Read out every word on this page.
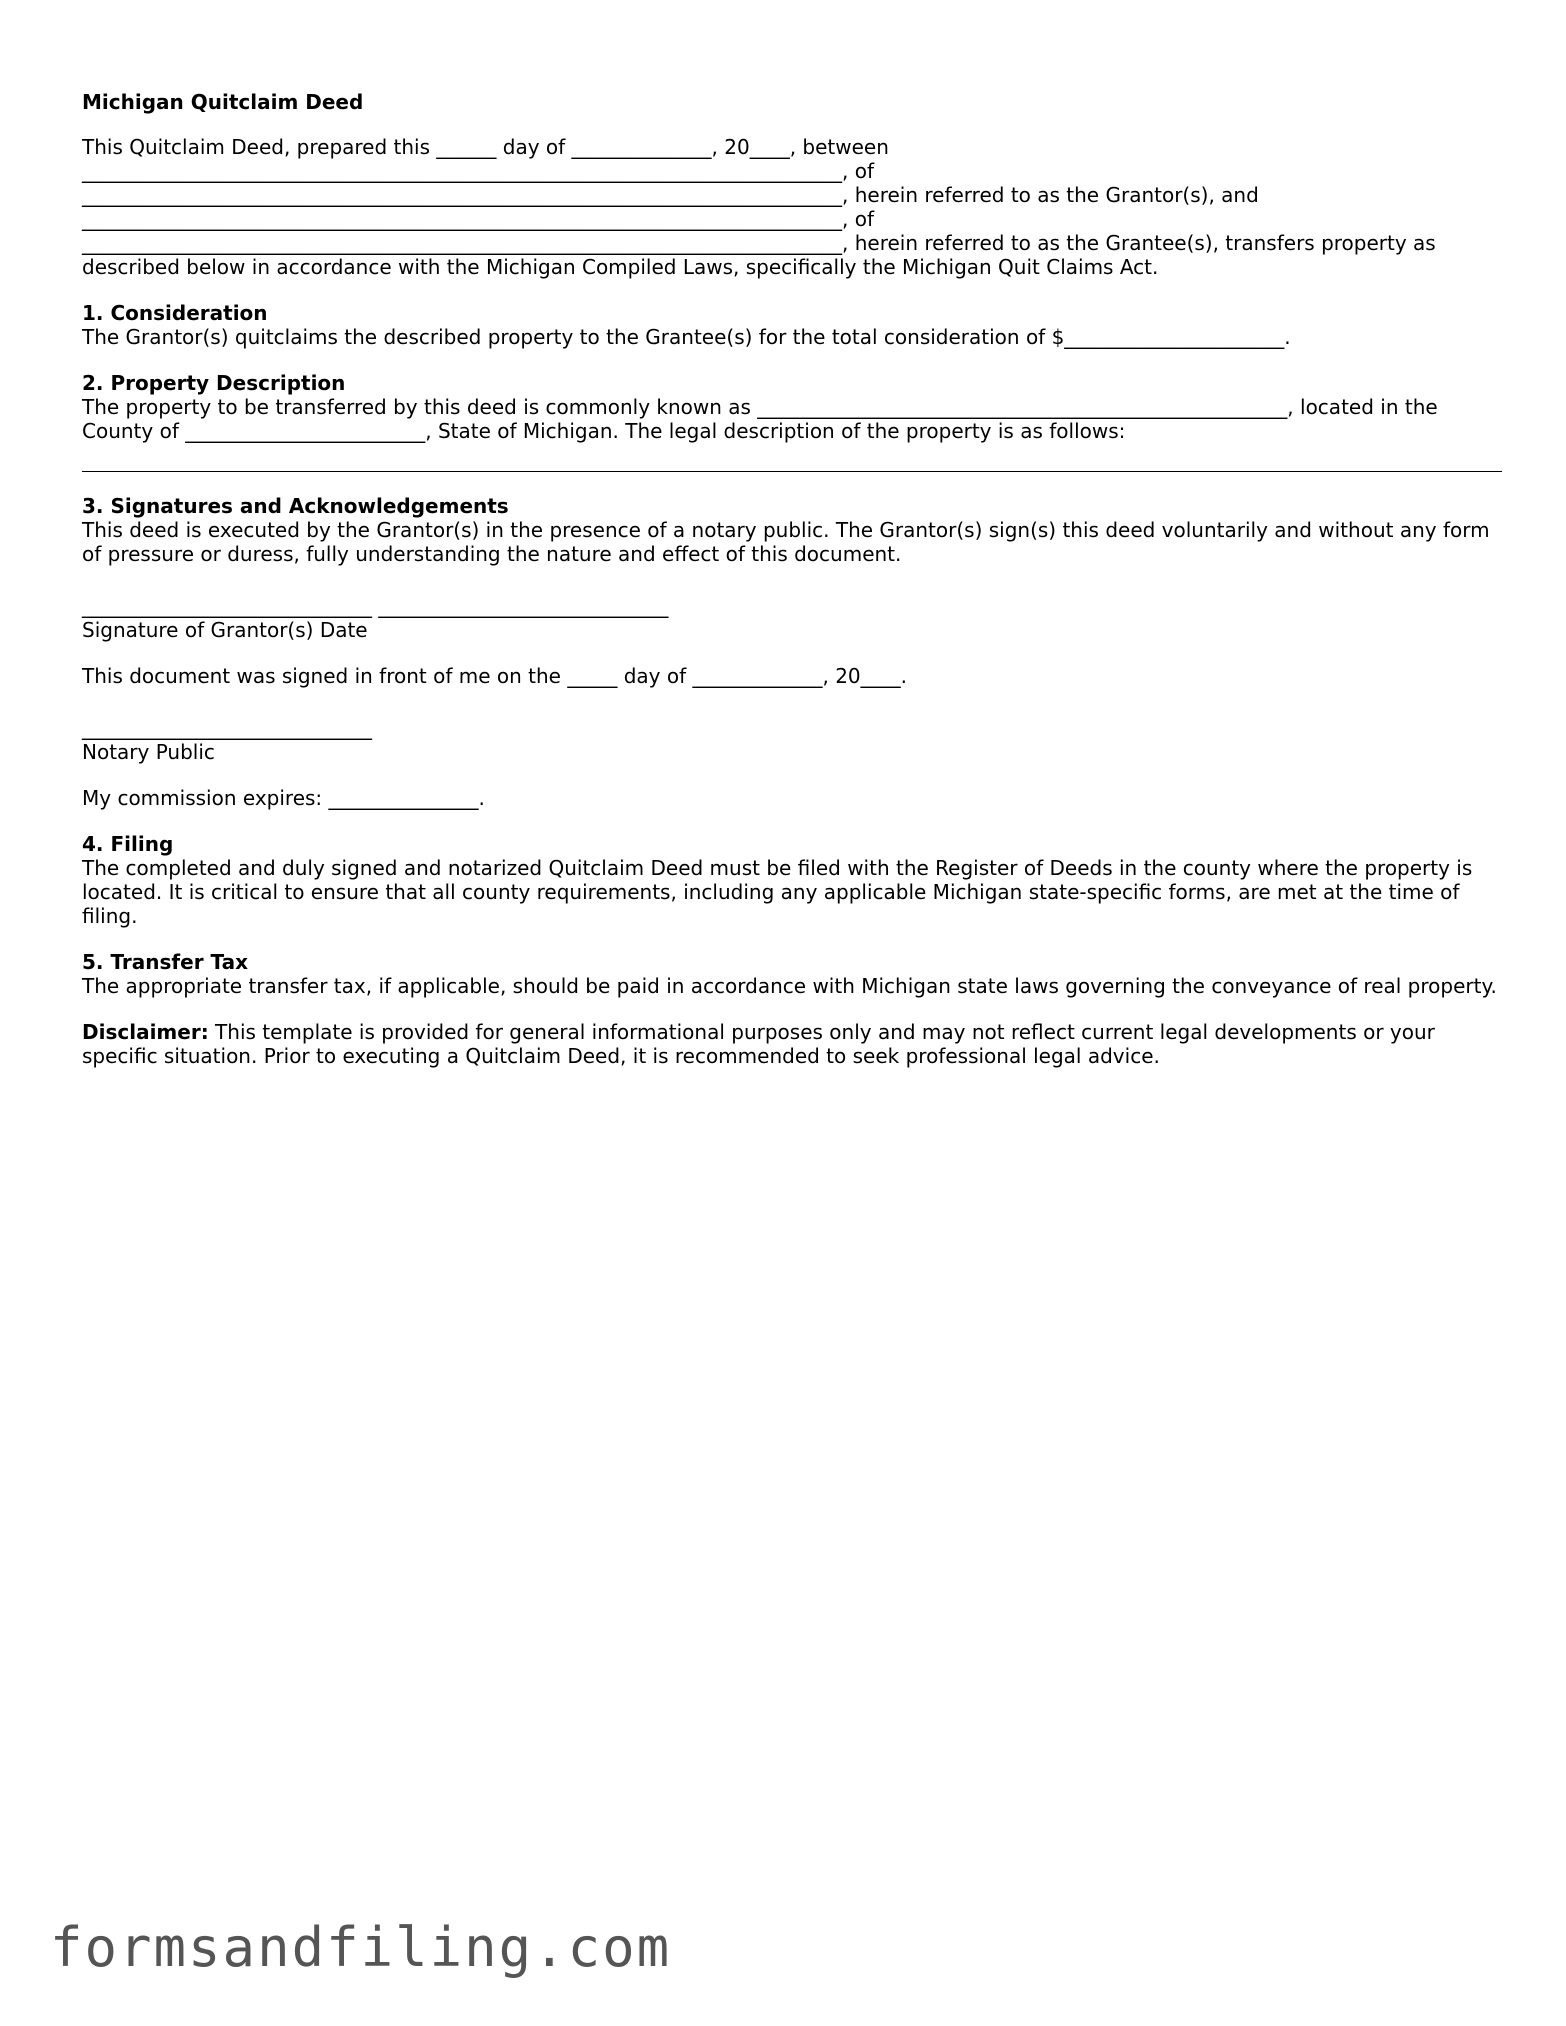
Michigan Quitclaim Deed
This Quitclaim Deed, prepared this ______ day of ______________, 20____, between
____________________________________________________________________________, of
____________________________________________________________________________, herein referred to as the Grantor(s), and
____________________________________________________________________________, of
____________________________________________________________________________, herein referred to as the Grantee(s), transfers property as described below in accordance with the Michigan Compiled Laws, specifically the Michigan Quit Claims Act.
1. Consideration
The Grantor(s) quitclaims the described property to the Grantee(s) for the total consideration of $______________________.
2. Property Description
The property to be transferred by this deed is commonly known as _____________________________________________________, located in the County of ________________________, State of Michigan. The legal description of the property is as follows:
3. Signatures and Acknowledgements
This deed is executed by the Grantor(s) in the presence of a notary public. The Grantor(s) sign(s) this deed voluntarily and without any form of pressure or duress, fully understanding the nature and effect of this document.
_____________________________ _____________________________
Signature of Grantor(s) Date
This document was signed in front of me on the _____ day of _____________, 20____.
_____________________________
Notary Public
My commission expires: _______________.
4. Filing
The completed and duly signed and notarized Quitclaim Deed must be filed with the Register of Deeds in the county where the property is located. It is critical to ensure that all county requirements, including any applicable Michigan state-specific forms, are met at the time of filing.
5. Transfer Tax
The appropriate transfer tax, if applicable, should be paid in accordance with Michigan state laws governing the conveyance of real property.
Disclaimer: This template is provided for general informational purposes only and may not reflect current legal developments or your specific situation. Prior to executing a Quitclaim Deed, it is recommended to seek professional legal advice.
formsandfiling.com
